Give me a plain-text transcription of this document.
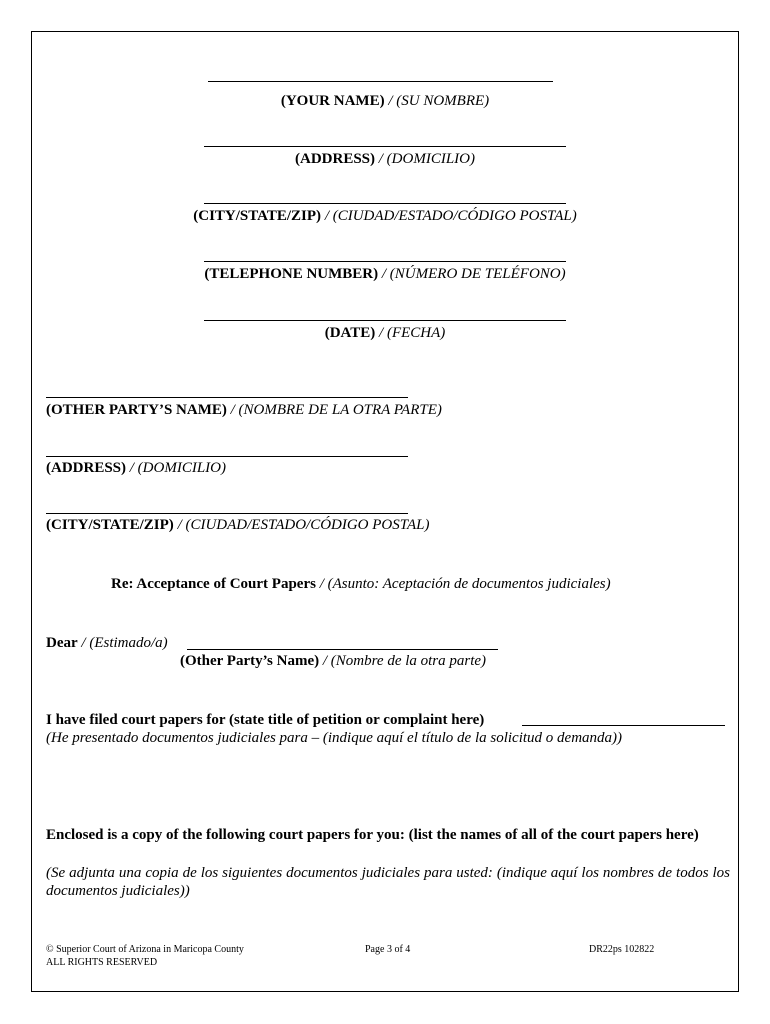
(YOUR NAME) / (SU NOMBRE)
(ADDRESS) / (DOMICILIO)
(CITY/STATE/ZIP) / (CIUDAD/ESTADO/CÓDIGO POSTAL)
(TELEPHONE NUMBER) / (NÚMERO DE TELÉFONO)
(DATE) / (FECHA)
(OTHER PARTY’S NAME) / (NOMBRE DE LA OTRA PARTE)
(ADDRESS) / (DOMICILIO)
(CITY/STATE/ZIP) / (CIUDAD/ESTADO/CÓDIGO POSTAL)
Re: Acceptance of Court Papers / (Asunto: Aceptación de documentos judiciales)
Dear / (Estimado/a)
(Other Party’s Name) / (Nombre de la otra parte)
I have filed court papers for (state title of petition or complaint here)
(He presentado documentos judiciales para – (indique aquí el título de la solicitud o demanda))
Enclosed is a copy of the following court papers for you: (list the names of all of the court papers here)
(Se adjunta una copia de los siguientes documentos judiciales para usted: (indique aquí los nombres de todos los documentos judiciales))
© Superior Court of Arizona in Maricopa County
ALL RIGHTS RESERVED
Page 3 of 4	DR22ps 102822
